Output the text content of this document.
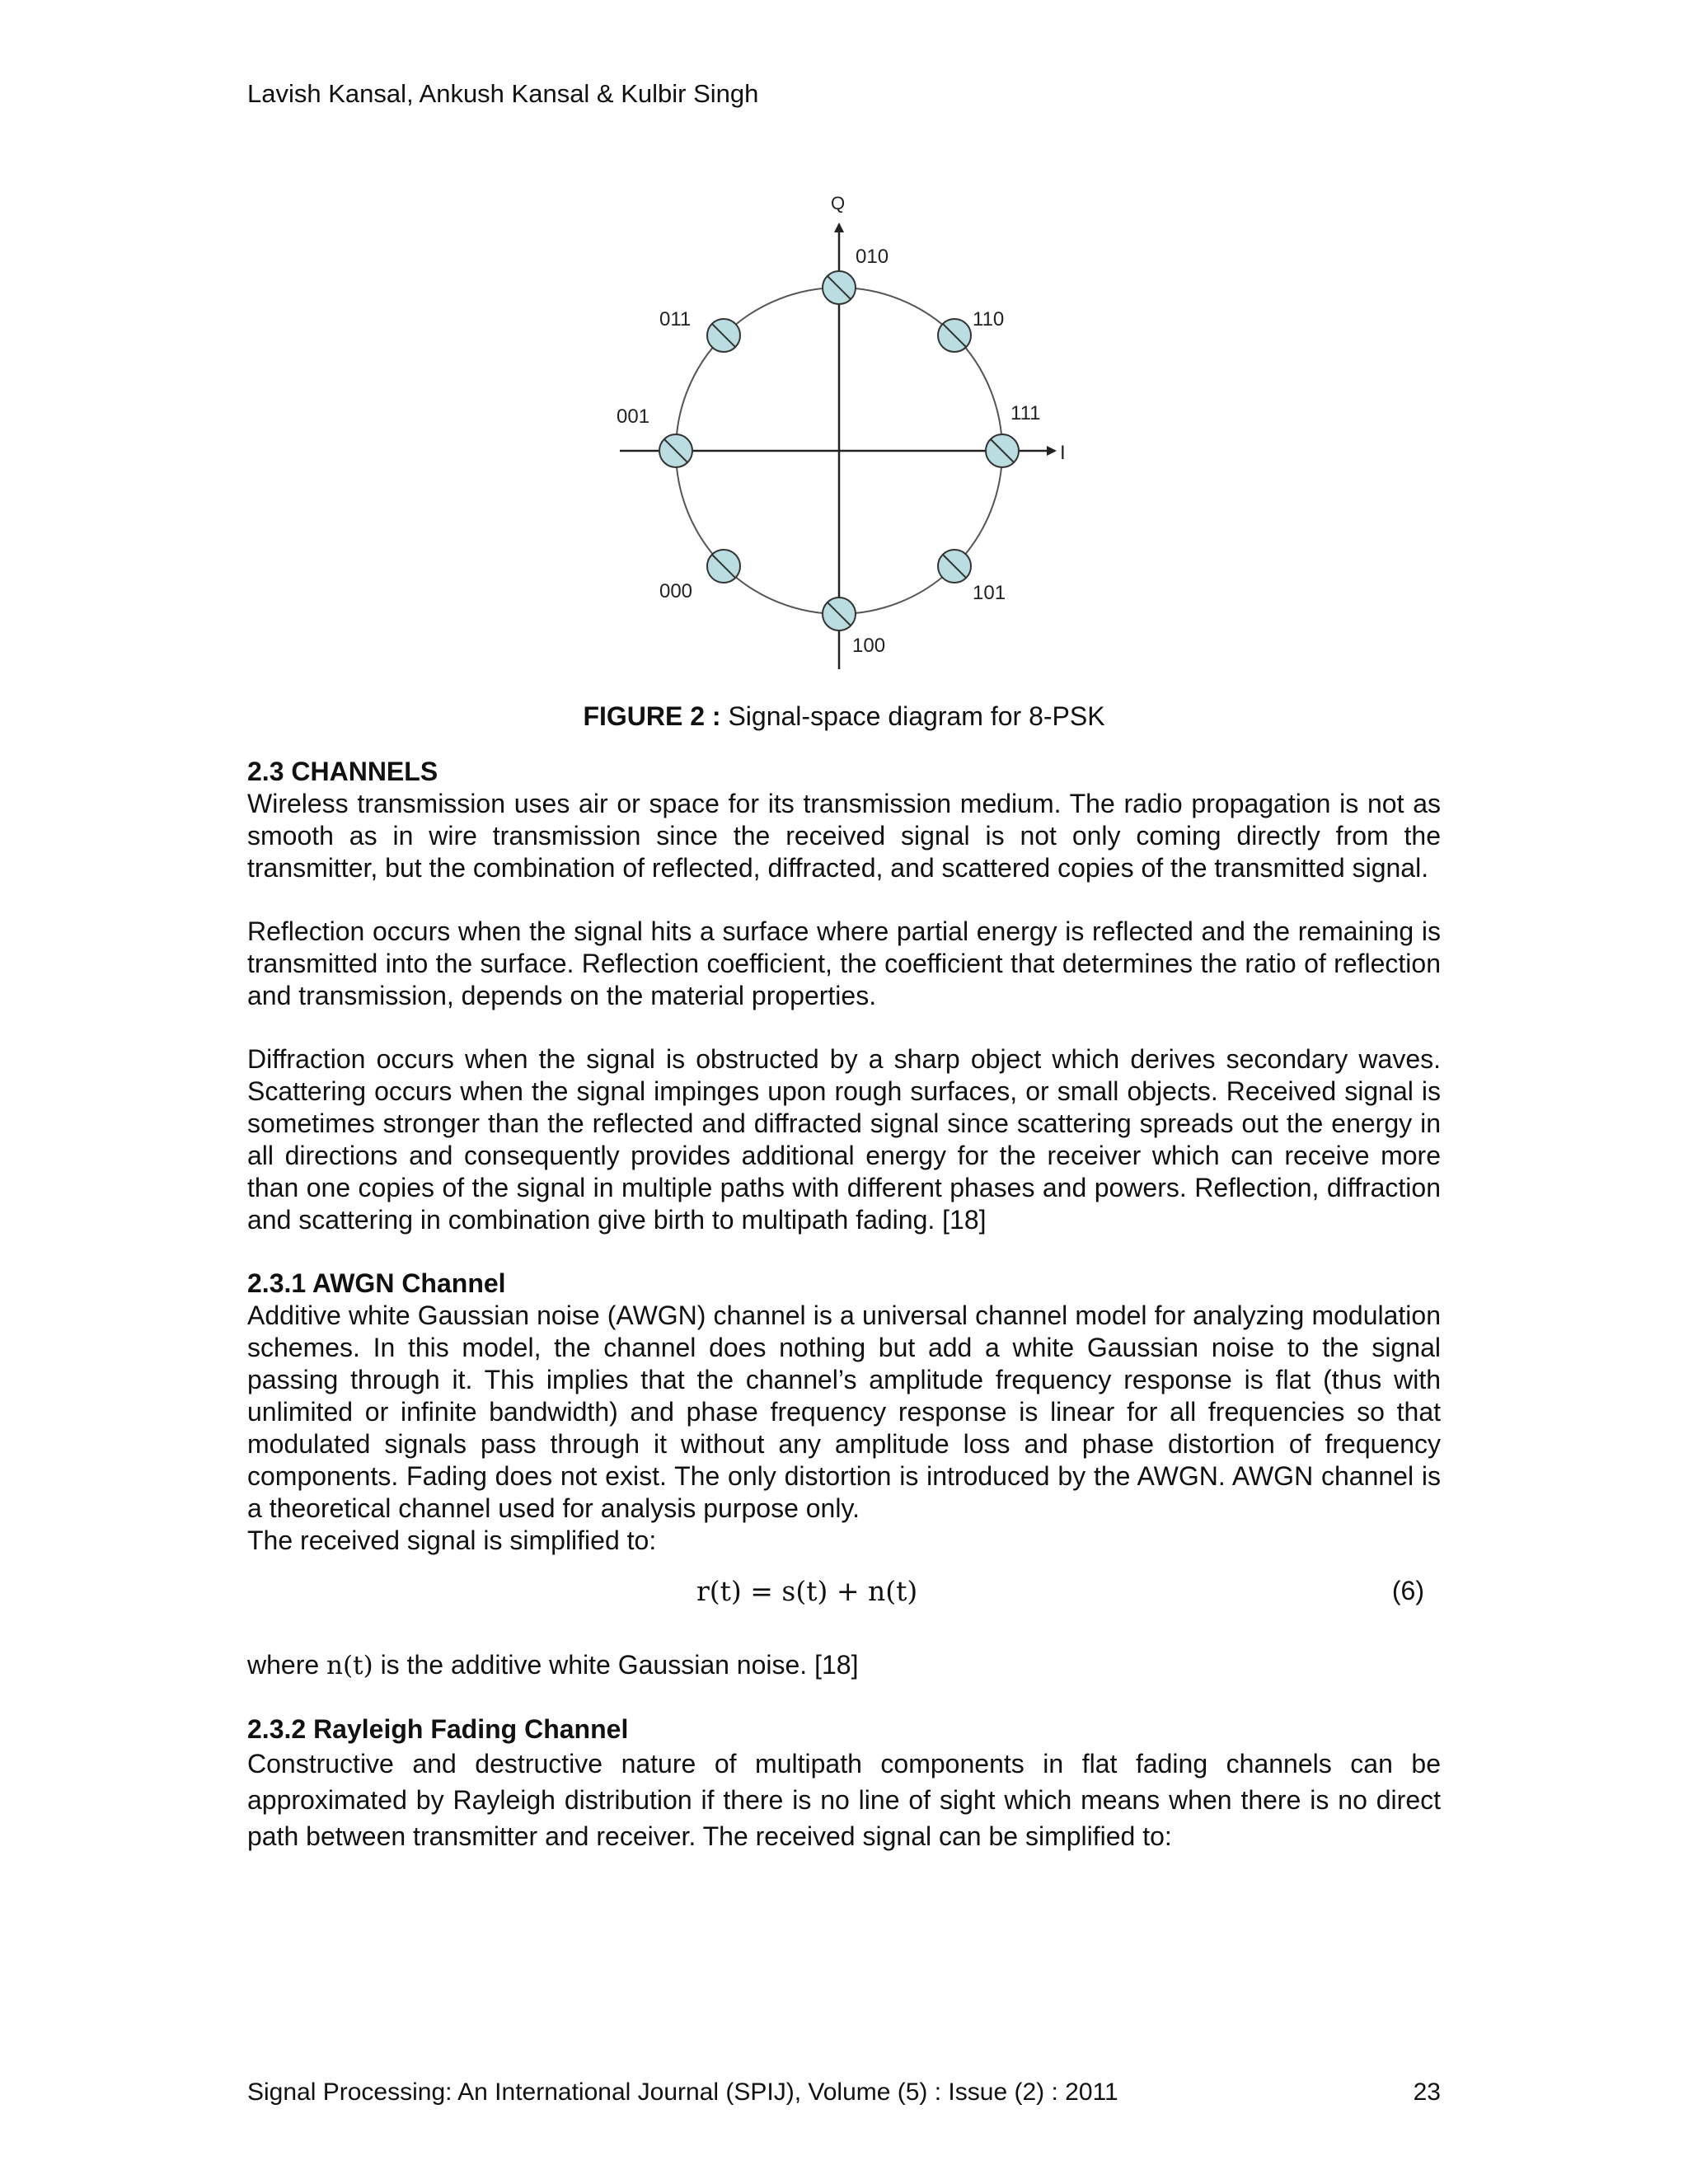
Lavish Kansal, Ankush Kansal & Kulbir Singh
I
Q
111
110
010
011
001
000
100
101
FIGURE 2 : Signal-space diagram for 8-PSK
2.3 CHANNELS

Wireless transmission uses air or space for its transmission medium. The radio propagation is not as smooth as in wire transmission since the received signal is not only coming directly from the transmitter, but the combination of reflected, diffracted, and scattered copies of the transmitted signal.

Reflection occurs when the signal hits a surface where partial energy is reflected and the remaining is transmitted into the surface. Reflection coefficient, the coefficient that determines the ratio of reflection and transmission, depends on the material properties.

Diffraction occurs when the signal is obstructed by a sharp object which derives secondary waves. Scattering occurs when the signal impinges upon rough surfaces, or small objects. Received signal is sometimes stronger than the reflected and diffracted signal since scattering spreads out the energy in all directions and consequently provides additional energy for the receiver which can receive more than one copies of the signal in multiple paths with different phases and powers. Reflection, diffraction and scattering in combination give birth to multipath fading. [18]

2.3.1 AWGN Channel

Additive white Gaussian noise (AWGN) channel is a universal channel model for analyzing modulation schemes. In this model, the channel does nothing but add a white Gaussian noise to the signal passing through it. This implies that the channel’s amplitude frequency response is flat (thus with unlimited or infinite bandwidth) and phase frequency response is linear for all frequencies so that modulated signals pass through it without any amplitude loss and phase distortion of frequency components. Fading does not exist. The only distortion is introduced by the AWGN. AWGN channel is a theoretical channel used for analysis purpose only.

The received signal is simplified to:

r(t) = s(t) + n(t)	(6)

where n(t) is the additive white Gaussian noise. [18]

2.3.2 Rayleigh Fading Channel

Constructive and destructive nature of multipath components in flat fading channels can be approximated by Rayleigh distribution if there is no line of sight which means when there is no direct path between transmitter and receiver. The received signal can be simplified to:

Signal Processing: An International Journal (SPIJ), Volume (5) : Issue (2) : 2011	23
